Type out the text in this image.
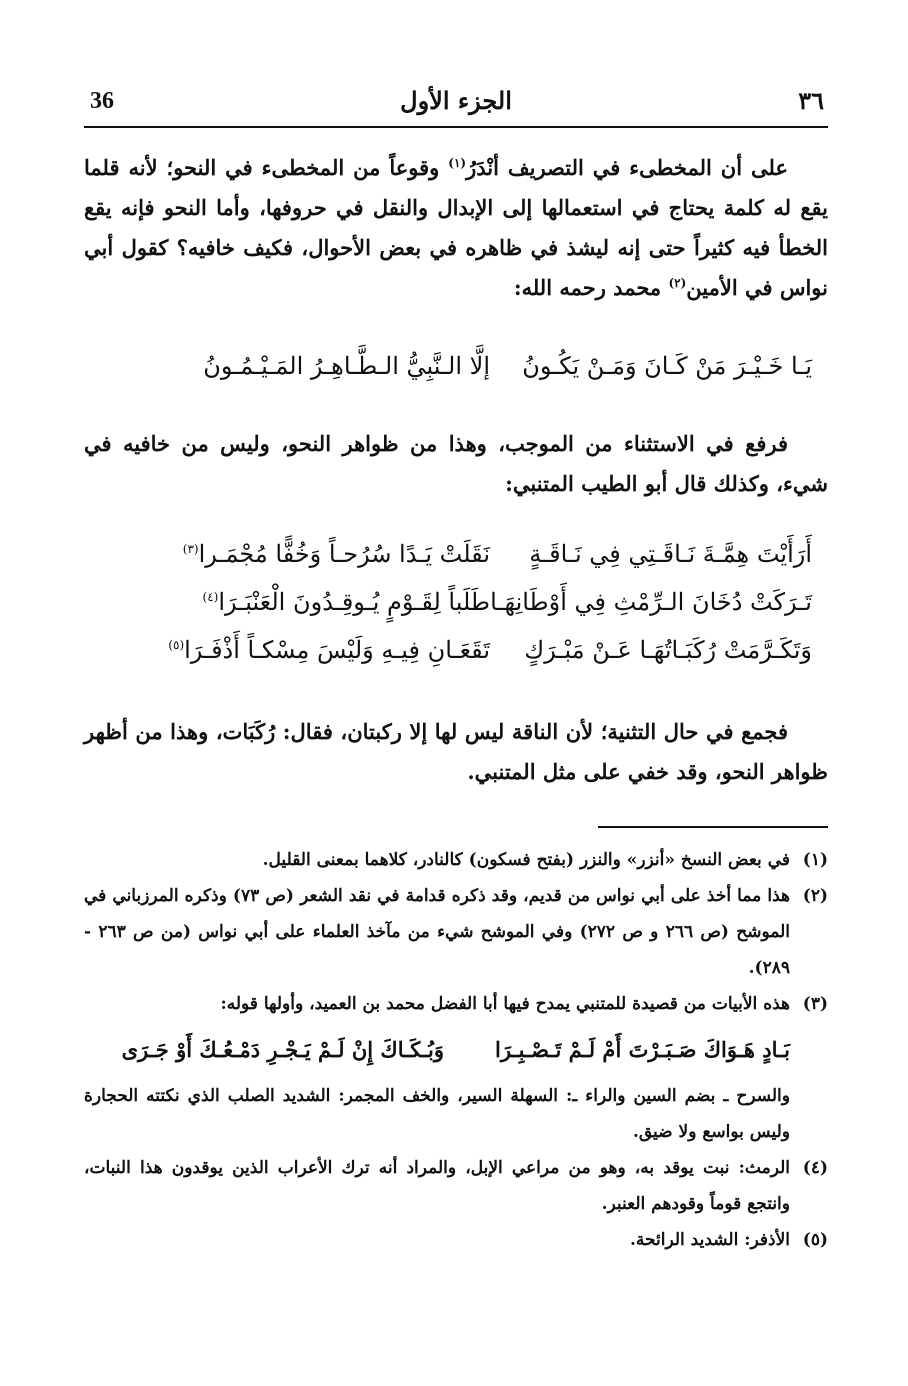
36	الجزء الأول	٣٦
على أن المخطىء في التصريف أنْدَرُ$^{(١)}$ وقوعاً من المخطىء في النحو؛ لأنه قلما يقع له كلمة يحتاج في استعمالها إلى الإبدال والنقل في حروفها، وأما النحو فإنه يقع الخطأ فيه كثيراً حتى إنه ليشذ في ظاهره في بعض الأحوال، فكيف خافيه؟ كقول أبي نواس في الأمين$^{(٢)}$ محمد رحمه الله:
يَـا خَـيْـرَ مَنْ كَـانَ وَمَـنْ يَكُـونُ
إلَّا الـنَّبِيُّ الـطَّـاهِـرُ المَـيْـمُـونُ
فرفع في الاستثناء من الموجب، وهذا من ظواهر النحو، وليس من خافيه في شيء، وكذلك قال أبو الطيب المتنبي:
أَرَأَيْتَ هِمَّـةَ نَـاقَـتِي فِي نَـاقَـةٍ
نَقَلَتْ يَـدًا سُرُحـاً وَخُفًّا مُجْمَـرا$^{(٣)}$
تَـرَكَتْ دُخَانَ الـرِّمْثِ فِي أَوْطَانِهَـا
طَلَباً لِقَـوْمٍ يُـوقِـدُونَ الْعَنْبَـرَا$^{(٤)}$
وَتَكَـرَّمَتْ رُكَبَـاتُهَـا عَـنْ مَبْـرَكٍ
تَقَعَـانِ فِيـهِ وَلَيْسَ مِسْكـاً أَذْفَـرَا$^{(٥)}$
فجمع في حال التثنية؛ لأن الناقة ليس لها إلا ركبتان، فقال: رُكَبَات، وهذا من أظهر ظواهر النحو، وقد خفي على مثل المتنبي.
(١)
في بعض النسخ «أنزر» والنزر (بفتح فسكون) كالنادر، كلاهما بمعنى القليل.
(٢)
هذا مما أخذ على أبي نواس من قديم، وقد ذكره قدامة في نقد الشعر (ص ٧٣) وذكره المرزباني في الموشح (ص ٢٦٦ و ص ٢٧٢) وفي الموشح شيء من مآخذ العلماء على أبي نواس (من ص ٢٦٣ - ٢٨٩).
(٣)
هذه الأبيات من قصيدة للمتنبي يمدح فيها أبا الفضل محمد بن العميد، وأولها قوله:
بَـادٍ هَـوَاكَ صَـبَـرْتَ أَمْ لَـمْ تَـصْـبِـرَا
وَبُـكَـاكَ إِنْ لَـمْ يَـجْـرِ دَمْـعُـكَ أَوْ جَـرَى
والسرح ـ بضم السين والراء ـ: السهلة السير، والخف المجمر: الشديد الصلب الذي نكتته الحجارة وليس بواسع ولا ضيق.
(٤)
الرمث: نبت يوقد به، وهو من مراعي الإبل، والمراد أنه ترك الأعراب الذين يوقدون هذا النبات، وانتجع قوماً وقودهم العنبر.
(٥)
الأذفر: الشديد الرائحة.
